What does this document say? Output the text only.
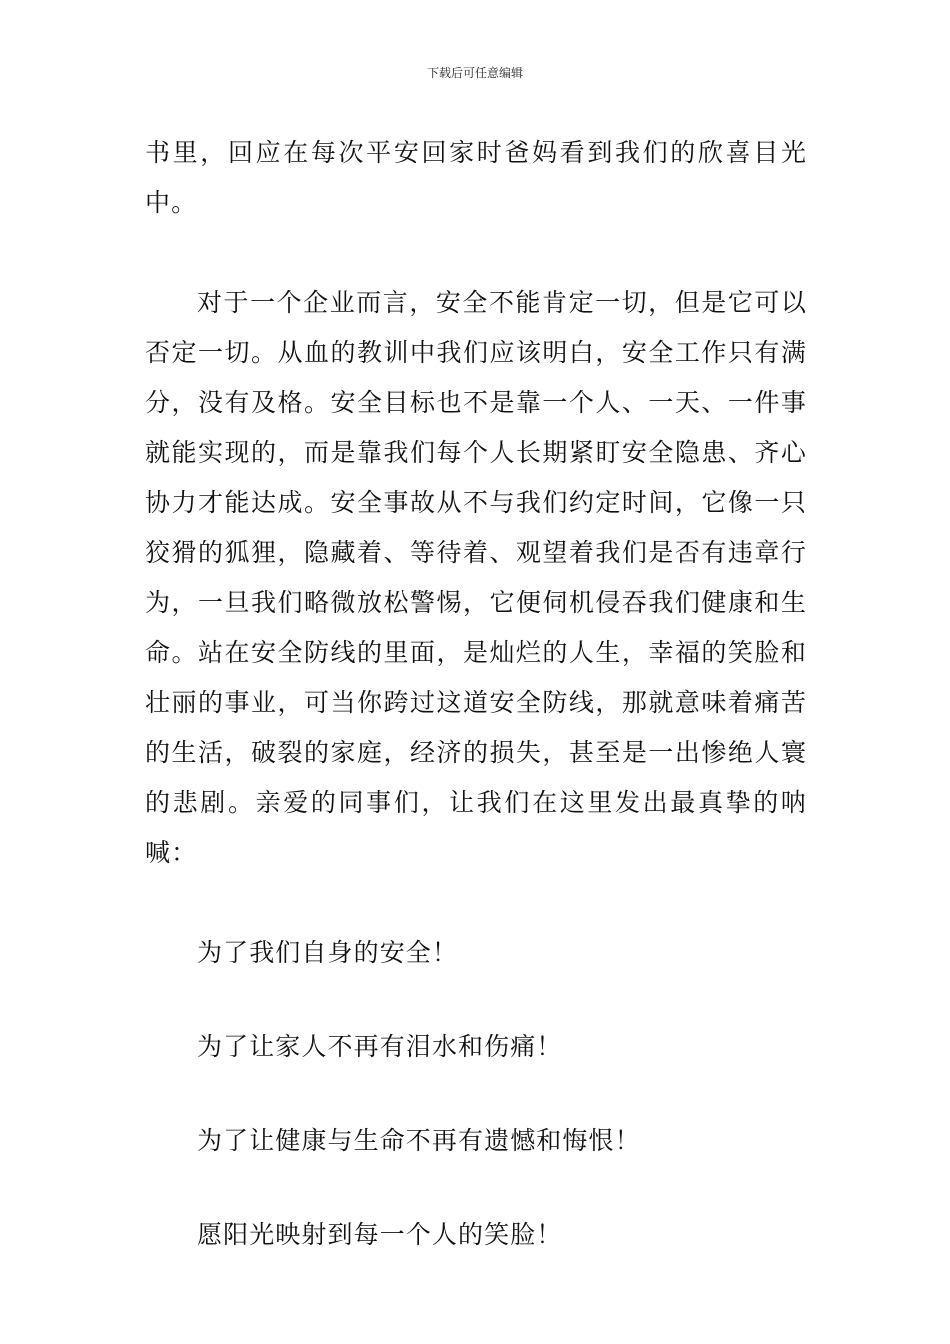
下载后可任意编辑

书里，回应在每次平安回家时爸妈看到我们的欣喜目光中。

对于一个企业而言，安全不能肯定一切，但是它可以否定一切。从血的教训中我们应该明白，安全工作只有满分，没有及格。安全目标也不是靠一个人、一天、一件事就能实现的，而是靠我们每个人长期紧盯安全隐患、齐心协力才能达成。安全事故从不与我们约定时间，它像一只狡猾的狐狸，隐藏着、等待着、观望着我们是否有违章行为，一旦我们略微放松警惕，它便伺机侵吞我们健康和生命。站在安全防线的里面，是灿烂的人生，幸福的笑脸和壮丽的事业，可当你跨过这道安全防线，那就意味着痛苦的生活，破裂的家庭，经济的损失，甚至是一出惨绝人寰的悲剧。亲爱的同事们，让我们在这里发出最真挚的呐喊：

为了我们自身的安全！

为了让家人不再有泪水和伤痛！

为了让健康与生命不再有遗憾和悔恨！

愿阳光映射到每一个人的笑脸！
